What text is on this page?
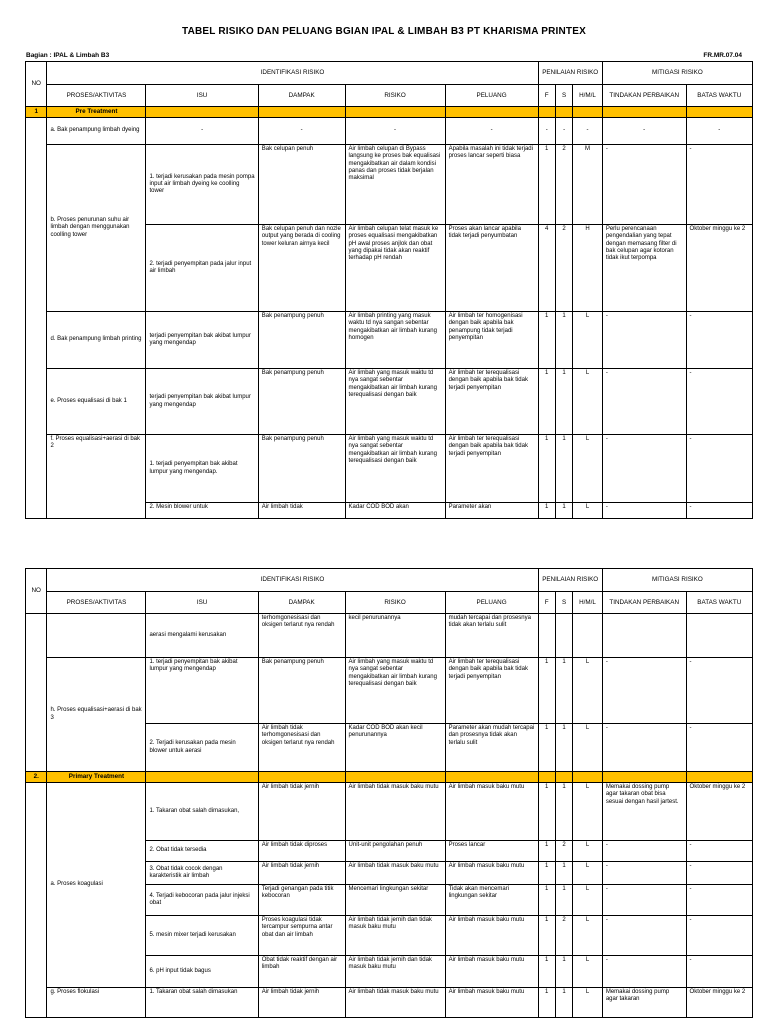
TABEL RISIKO DAN PELUANG BGIAN IPAL & LIMBAH B3 PT KHARISMA PRINTEX
Bagian : IPAL & Limbah B3	FR.MR.07.04
NO	IDENTIFIKASI RISIKO					PENILAIAN RISIKO			MITIGASI RISIKO	
	PROSES/AKTIVITAS	ISU	DAMPAK	RISIKO	PELUANG	F	S	H/M/L	TINDAKAN PERBAIKAN	BATAS WAKTU
1	Pre Treatment									
	a. Bak penampung limbah dyeing	-	-	-	-	-	-	-	-	-
	b. Proses penurunan suhu air limbah dengan menggunakan coolling tower	1. terjadi kerusakan pada mesin pompa input air limbah dyeing ke coolling tower	Bak celupan penuh	Air limbah celupan di Bypass langsung ke proses bak equalisasi mengakibatkan air dalam kondisi panas dan proses tidak berjalan maksimal	Apabila masalah ini tidak terjadi proses lancar seperti biasa	1	2	M	-	-
		2. terjadi penyempitan pada jalur input air limbah	Bak celupan penuh dan nozle output yang berada di cooling tower keluran airnya kecil	Air limbah celupan telat masuk ke proses equalisasi mengakibatkan pH awal proses anjlok dan obat yang dipakai tidak akan reaktif terhadap pH rendah	Proses akan lancar apabila tidak terjadi penyumbatan	4	2	H	Perlu perencanaan pengendalian yang tepat dengan memasang filter di bak celupan agar kotoran tidak ikut terpompa	Oktober minggu ke 2
	d. Bak penampung limbah printing	terjadi penyempitan bak akibat lumpur yang mengendap	Bak penampung penuh	Air limbah printing yang masuk waktu td nya sangan sebentar mengakibatkan air limbah kurang homogen	Air limbah ter homogenisasi dengan baik apabila bak penampung tidak terjadi penyempitan	1	1	L	-	-
	e. Proses equalisasi di bak 1	terjadi penyempitan bak akibat lumpur yang mengendap	Bak penampung penuh	Air limbah yang masuk waktu td nya sangat sebentar mengakibatkan air limbah kurang terequalisasi dengan baik	Air limbah ter terequalisasi dengan baik apabila bak tidak terjadi penyempitan	1	1	L	-	-
	f. Proses equalisasi+aerasi di bak 2	1. terjadi penyempitan bak akibat lumpur yang mengendap.	Bak penampung penuh	Air limbah yang masuk waktu td nya sangat sebentar mengakibatkan air limbah kurang terequalisasi dengan baik	Air limbah ter terequalisasi dengan baik apabila bak tidak terjadi penyempitan	1	1	L	-	-
		2. Mesin blower untuk	Air limbah tidak	Kadar COD BOD akan	Parameter akan	1	1	L	-	-
NO	IDENTIFIKASI RISIKO					PENILAIAN RISIKO			MITIGASI RISIKO	
	PROSES/AKTIVITAS	ISU	DAMPAK	RISIKO	PELUANG	F	S	H/M/L	TINDAKAN PERBAIKAN	BATAS WAKTU
		aerasi mengalami kerusakan	terhomgonesisasi dan oksigen terlarut nya rendah	kecil penurunannya	mudah tercapai dan prosesnya tidak akan terlalu sulit					
	h. Proses equalisasi+aerasi di bak 3	1. terjadi penyempitan bak akibat lumpur yang mengendap	Bak penampung penuh	Air limbah yang masuk waktu td nya sangat sebentar mengakibatkan air limbah kurang terequalisasi dengan baik	Air limbah ter terequalisasi dengan baik apabila bak tidak terjadi penyempitan	1	1	L	-	-
		2. Terjadi kerusakan pada mesin blower untuk aerasi	Air limbah tidak terhomgonesisasi dan oksigen terlarut nya rendah	Kadar COD BOD akan kecil penurunannya	Parameter akan mudah tercapai dan prosesnya tidak akan terlalu sulit	1	1	L	-	-
2.	Primary Treatment									
	a. Proses koagulasi	1. Takaran obat salah dimasukan,	Air limbah tidak jernih	Air limbah tidak masuk baku mutu	Air limbah masuk baku mutu	1	1	L	Memakai dossing pump agar takaran obat bisa sesuai dengan hasil jartest.	Oktober minggu ke 2
		2. Obat tidak tersedia	Air limbah tidak diproses	Unit-unit pengolahan penuh	Proses lancar	1	2	L	-	-
		3. Obat tidak cocok dengan karakteristik air limbah	Air limbah tidak jernih	Air limbah tidak masuk baku mutu	Air limbah masuk baku mutu	1	1	L	-	-
		4. Terjadi kebocoran pada jalur injeksi obat	Terjadi genangan pada titik kebocoran	Mencemari lingkungan sekitar	Tidak akan mencemari lingkungan sekitar	1	1	L	-	-
		5. mesin mixer terjadi kerusakan	Proses koagulasi tidak tercampur sempurna antar obat dan air limbah	Air limbah tidak jernih dan tidak masuk baku mutu	Air limbah masuk baku mutu	1	2	L	-	-
		6. pH input tidak bagus	Obat tidak reaktif dengan air limbah	Air limbah tidak jernih dan tidak masuk baku mutu	Air limbah masuk baku mutu	1	1	L	-	-
	g. Proses flokulasi	1. Takaran obat salah dimasukan	Air limbah tidak jernih	Air limbah tidak masuk baku mutu	Air limbah masuk baku mutu	1	1	L	Memakai dossing pump agar takaran	Oktober minggu ke 2
